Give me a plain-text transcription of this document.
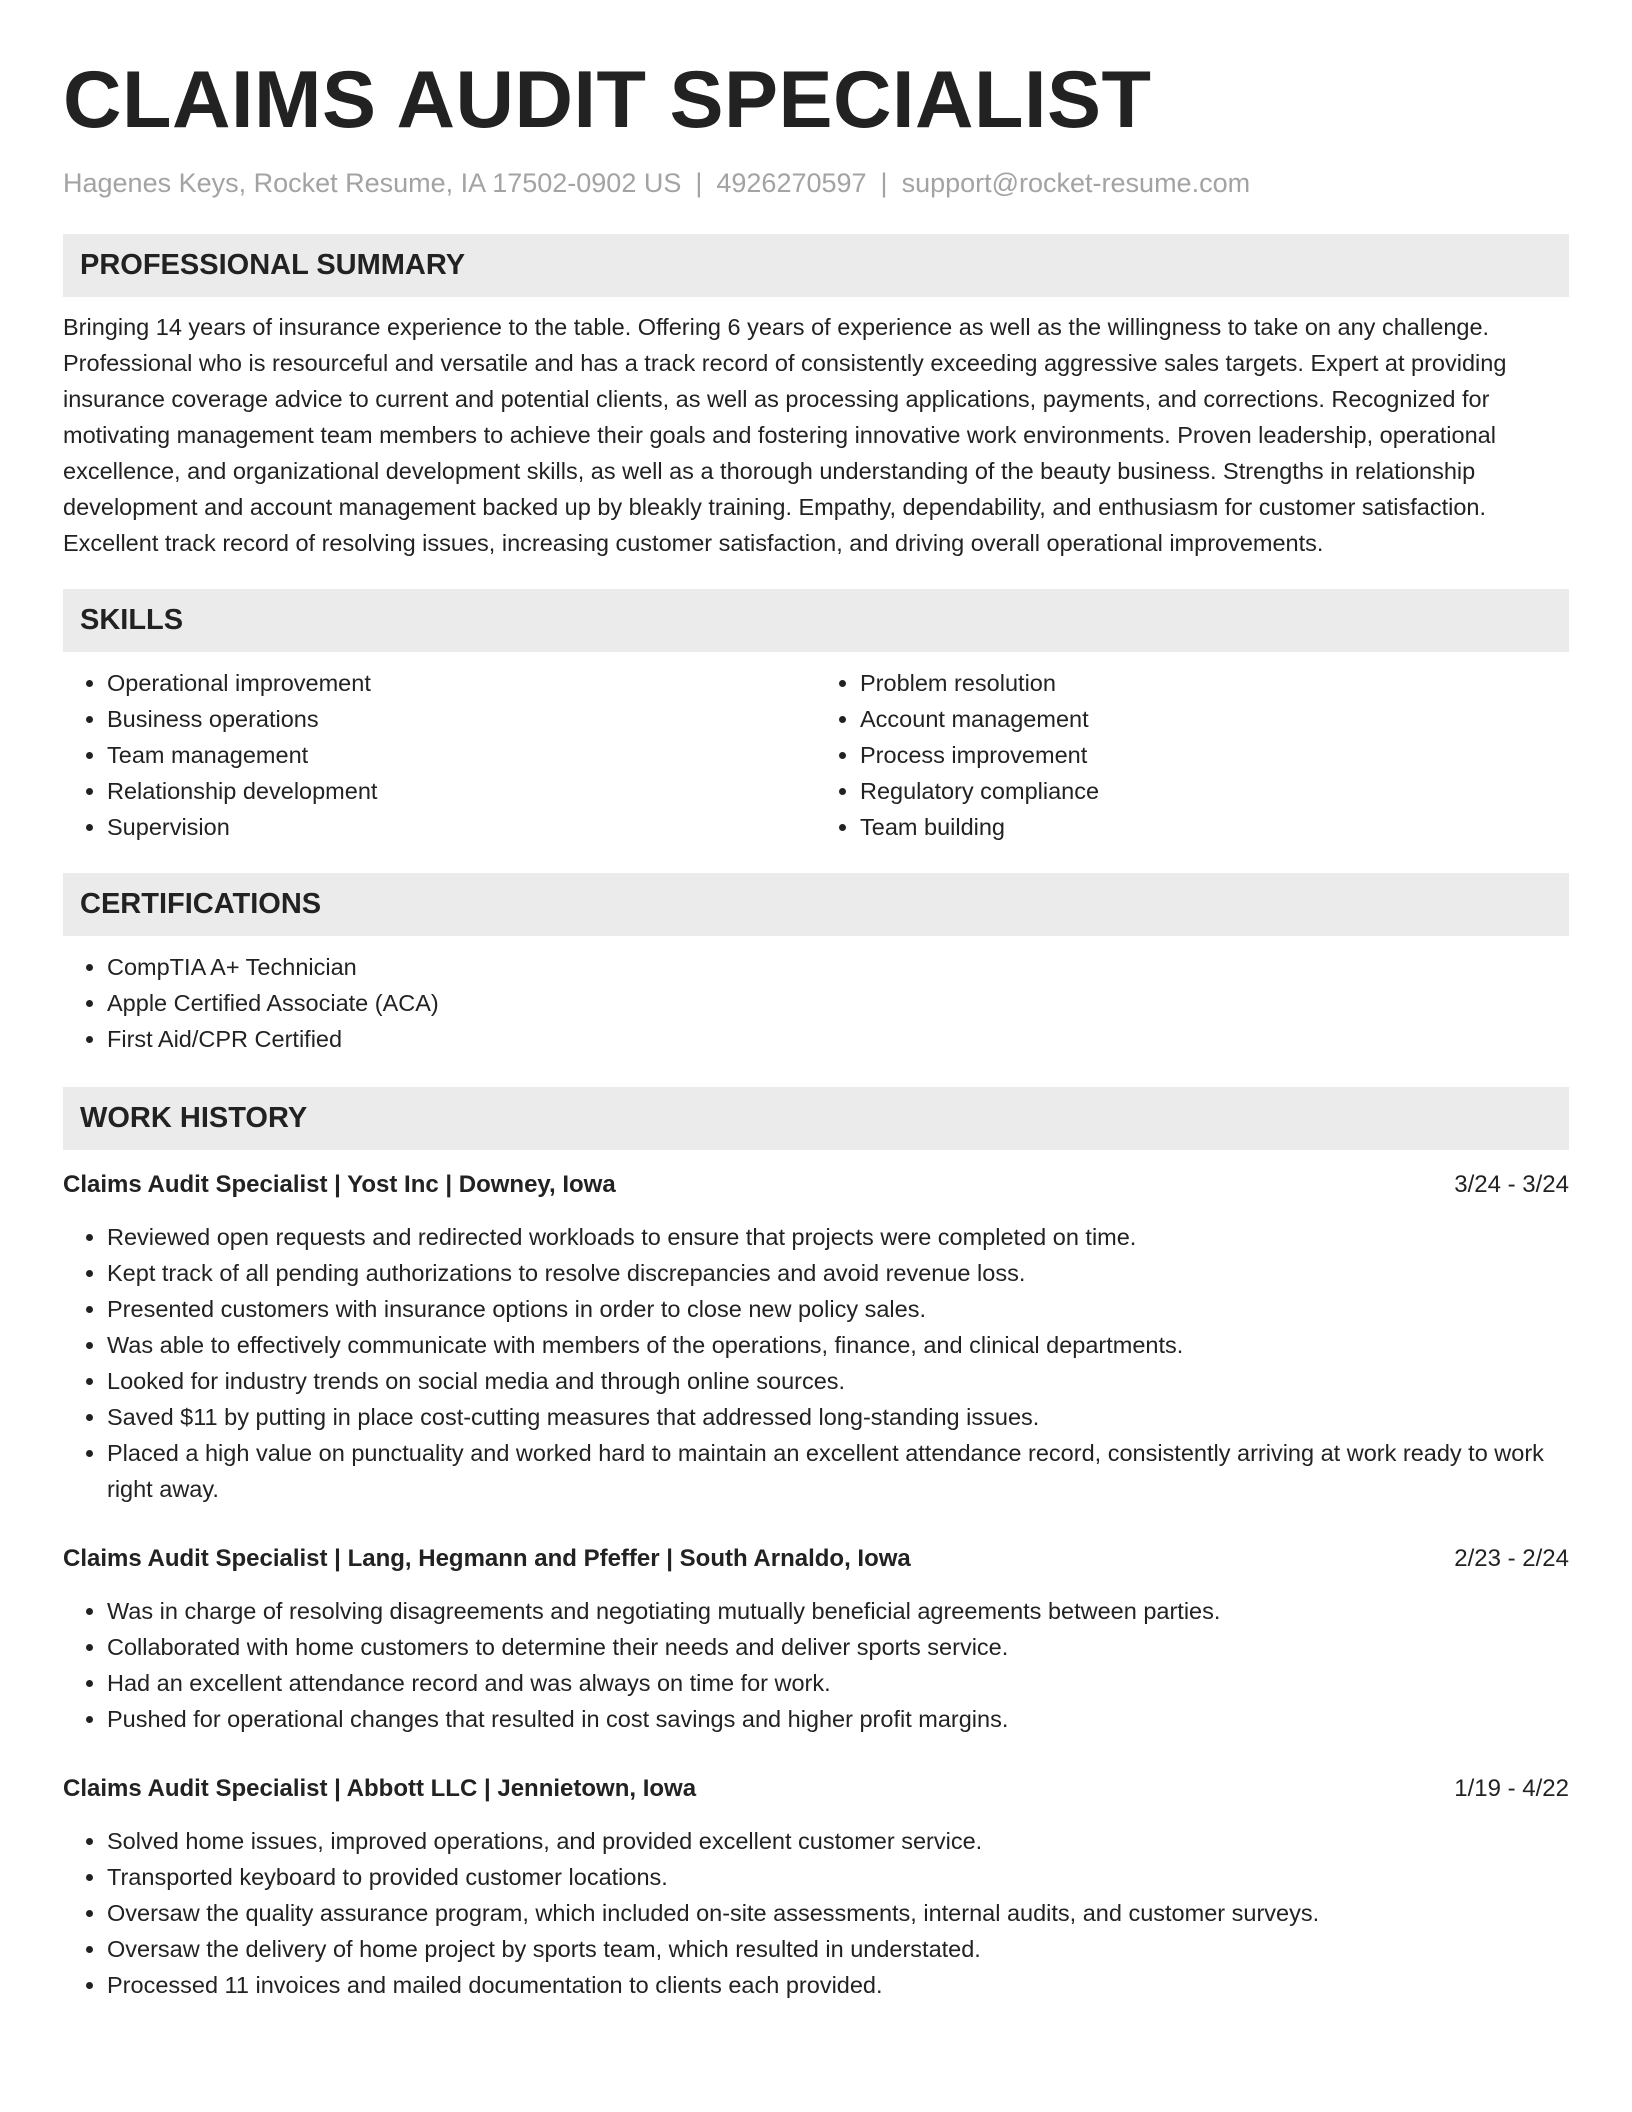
CLAIMS AUDIT SPECIALIST
Hagenes Keys, Rocket Resume, IA 17502-0902 US | 4926270597 | support@rocket-resume.com
PROFESSIONAL SUMMARY

Bringing 14 years of insurance experience to the table. Offering 6 years of experience as well as the willingness to take on any challenge. Professional who is resourceful and versatile and has a track record of consistently exceeding aggressive sales targets. Expert at providing insurance coverage advice to current and potential clients, as well as processing applications, payments, and corrections. Recognized for motivating management team members to achieve their goals and fostering innovative work environments. Proven leadership, operational excellence, and organizational development skills, as well as a thorough understanding of the beauty business. Strengths in relationship development and account management backed up by bleakly training. Empathy, dependability, and enthusiasm for customer satisfaction. Excellent track record of resolving issues, increasing customer satisfaction, and driving overall operational improvements.

SKILLS
• Operational improvement
• Business operations
• Team management
• Relationship development
• Supervision
• Problem resolution
• Account management
• Process improvement
• Regulatory compliance
• Team building
CERTIFICATIONS
• CompTIA A+ Technician
• Apple Certified Associate (ACA)
• First Aid/CPR Certified
WORK HISTORY
Claims Audit Specialist | Yost Inc | Downey, Iowa	3/24 - 3/24
• Reviewed open requests and redirected workloads to ensure that projects were completed on time.
• Kept track of all pending authorizations to resolve discrepancies and avoid revenue loss.
• Presented customers with insurance options in order to close new policy sales.
• Was able to effectively communicate with members of the operations, finance, and clinical departments.
• Looked for industry trends on social media and through online sources.
• Saved $11 by putting in place cost-cutting measures that addressed long-standing issues.
• Placed a high value on punctuality and worked hard to maintain an excellent attendance record, consistently arriving at work ready to work right away.
Claims Audit Specialist | Lang, Hegmann and Pfeffer | South Arnaldo, Iowa	2/23 - 2/24
• Was in charge of resolving disagreements and negotiating mutually beneficial agreements between parties.
• Collaborated with home customers to determine their needs and deliver sports service.
• Had an excellent attendance record and was always on time for work.
• Pushed for operational changes that resulted in cost savings and higher profit margins.
Claims Audit Specialist | Abbott LLC | Jennietown, Iowa	1/19 - 4/22
• Solved home issues, improved operations, and provided excellent customer service.
• Transported keyboard to provided customer locations.
• Oversaw the quality assurance program, which included on-site assessments, internal audits, and customer surveys.
• Oversaw the delivery of home project by sports team, which resulted in understated.
• Processed 11 invoices and mailed documentation to clients each provided.
